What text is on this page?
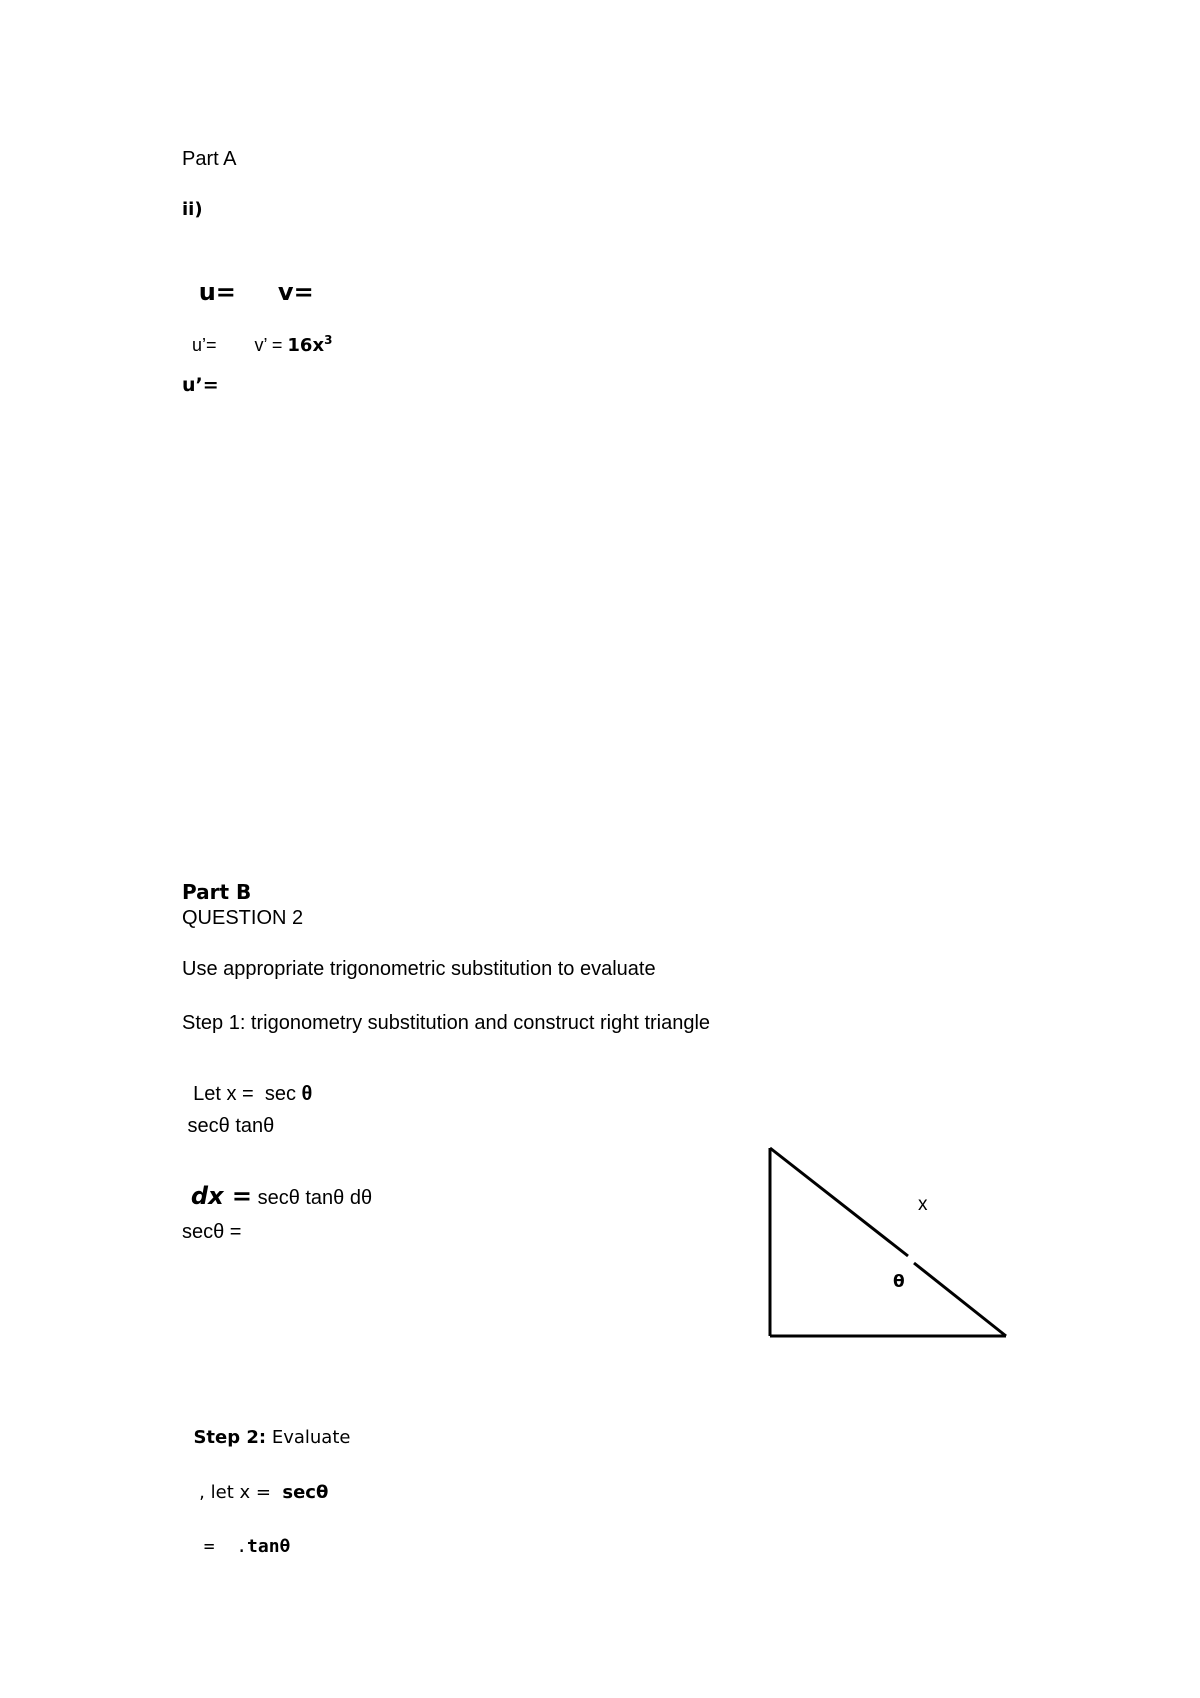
Part A
ii)

u= v=

u’= v’ = $16x^3$

u’=
Part B
QUESTION 2
Use appropriate trigonometric substitution to evaluate
Step 1: trigonometry substitution and construct right triangle

Let x =  sec θ

secθ tanθ

dx = secθ tanθ dθ

secθ =

Step 2: Evaluate

, let x =  secθ

=  .tanθ

x
θ
